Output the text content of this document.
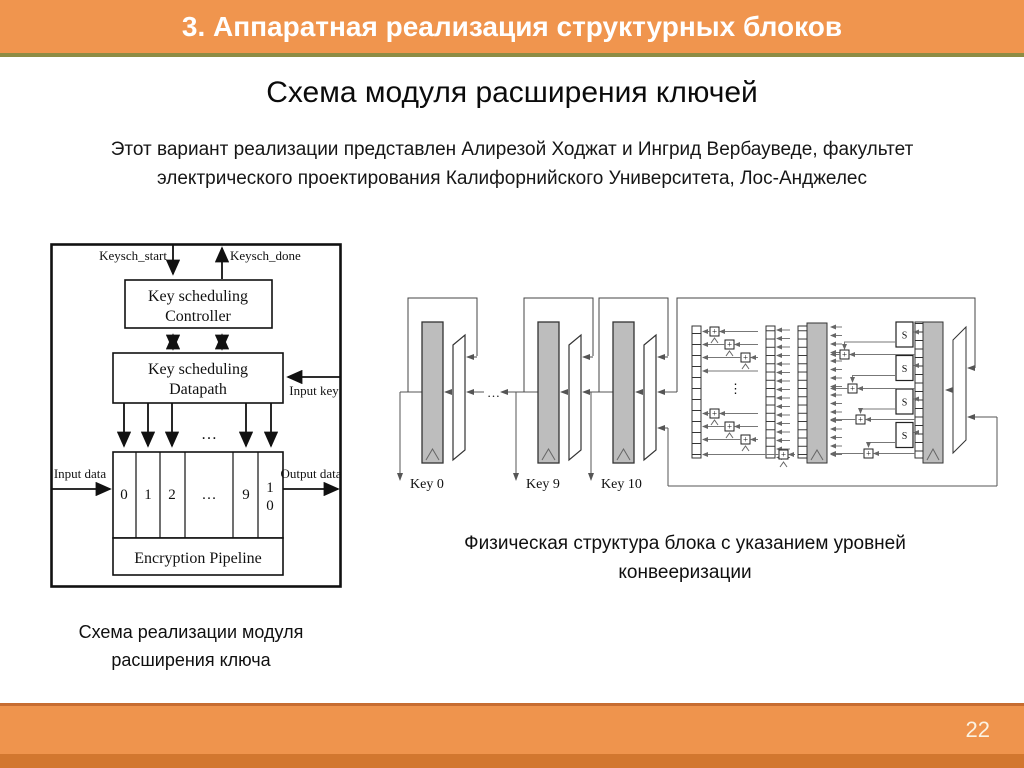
3. Аппаратная реализация структурных блоков
Схема модуля расширения ключей
Этот вариант реализации представлен Алирезой Ходжат и Ингрид Вербауведе, факультет электрического проектирования Калифорнийского Университета, Лос-Анджелес
Keysch_start	Keysch_done
Key scheduling
Controller
Key scheduling
Datapath	Input key
…
0 1 2 … 9 1
0
Input data	Output data
Encryption Pipeline
Key 0
…
Key 9	Key 10
S
S
S
S
+
+
+
+
+
+
+
⋮
+
+
+
+
Физическая структура блока с указанием уровней конвееризации
Схема реализации модуля расширения ключа
22
